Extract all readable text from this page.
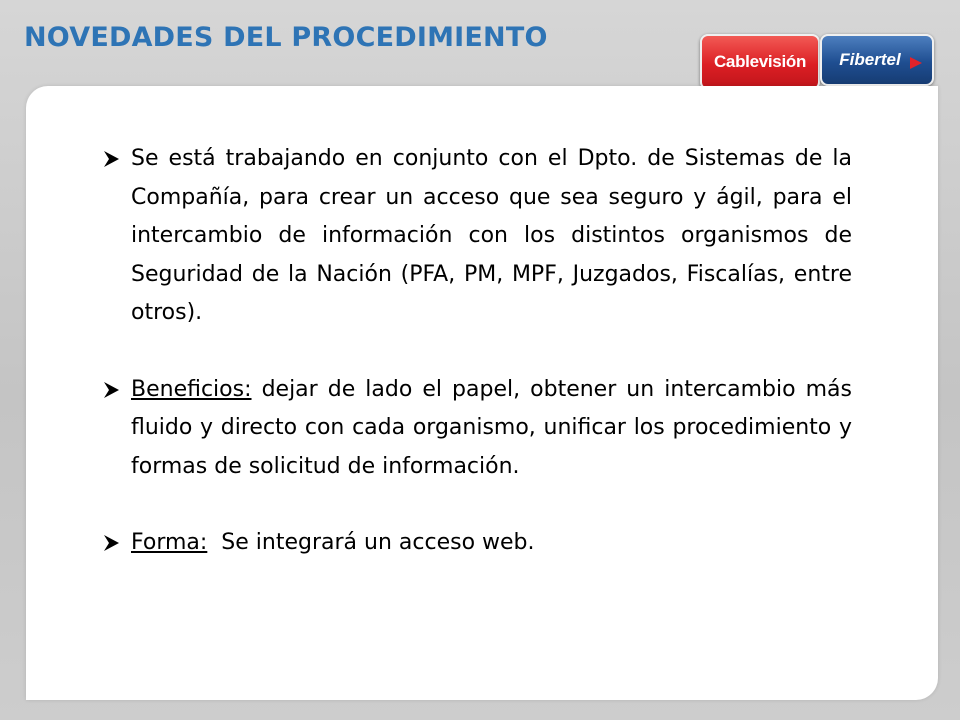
NOVEDADES DEL PROCEDIMIENTO
Cablevisión Fibertel
Se está trabajando en conjunto con el Dpto. de Sistemas de la Compañía, para crear un acceso que sea seguro y ágil, para el intercambio de información con los distintos organismos de Seguridad de la Nación (PFA, PM, MPF, Juzgados, Fiscalías, entre otros).
Beneficios: dejar de lado el papel, obtener un intercambio más fluido y directo con cada organismo, unificar los procedimiento y formas de solicitud de información.
Forma:  Se integrará un acceso web.
